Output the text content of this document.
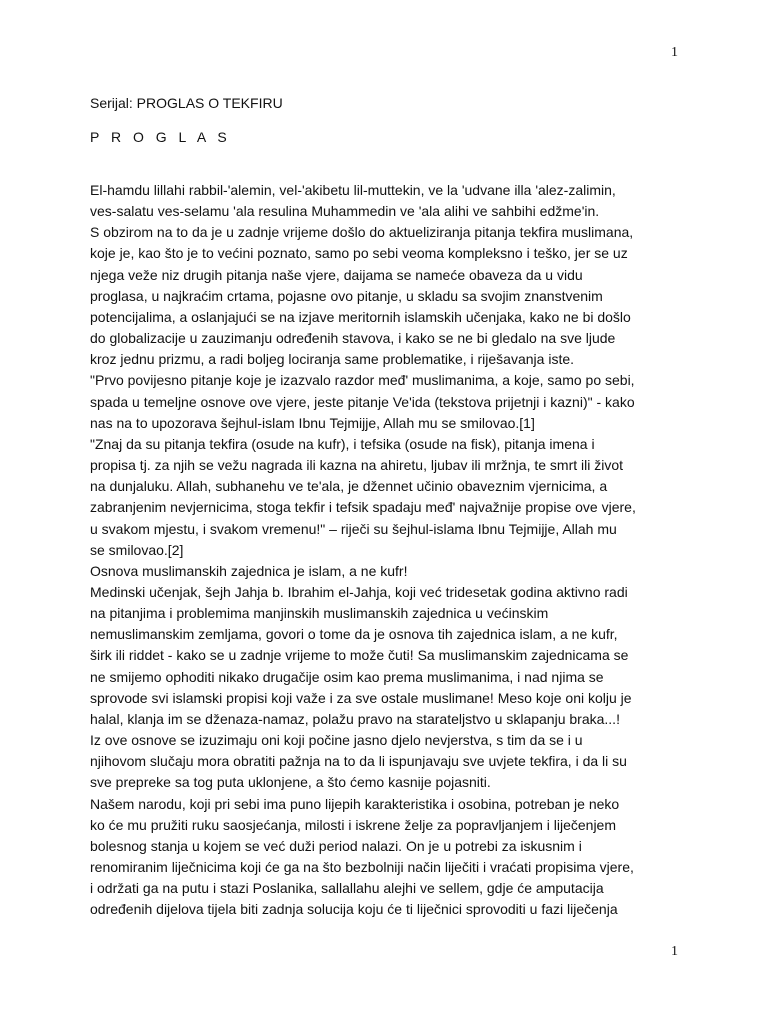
1
Serijal: PROGLAS O TEKFIRU
P R O G L A S
El-hamdu lillahi rabbil-'alemin, vel-'akibetu lil-muttekin, ve la 'udvane illa 'alez-zalimin,
ves-salatu ves-selamu 'ala resulina Muhammedin ve 'ala alihi ve sahbihi edžme'in.
S obzirom na to da je u zadnje vrijeme došlo do aktueliziranja pitanja tekfira muslimana,
koje je, kao što je to većini poznato, samo po sebi veoma kompleksno i teško, jer se uz
njega veže niz drugih pitanja naše vjere, daijama se nameće obaveza da u vidu
proglasa, u najkraćim crtama, pojasne ovo pitanje, u skladu sa svojim znanstvenim
potencijalima, a oslanjajući se na izjave meritornih islamskih učenjaka, kako ne bi došlo
do globalizacije u zauzimanju određenih stavova, i kako se ne bi gledalo na sve ljude
kroz jednu prizmu, a radi boljeg lociranja same problematike, i riješavanja iste.
"Prvo povijesno pitanje koje je izazvalo razdor međ' muslimanima, a koje, samo po sebi,
spada u temeljne osnove ove vjere, jeste pitanje Ve'ida (tekstova prijetnji i kazni)" - kako
nas na to upozorava šejhul-islam Ibnu Tejmijje, Allah mu se smilovao.[1]
"Znaj da su pitanja tekfira (osude na kufr), i tefsika (osude na fisk), pitanja imena i
propisa tj. za njih se vežu nagrada ili kazna na ahiretu, ljubav ili mržnja, te smrt ili život
na dunjaluku. Allah, subhanehu ve te'ala, je džennet učinio obaveznim vjernicima, a
zabranjenim nevjernicima, stoga tekfir i tefsik spadaju međ' najvažnije propise ove vjere,
u svakom mjestu, i svakom vremenu!" – riječi su šejhul-islama Ibnu Tejmijje, Allah mu
se smilovao.[2]
Osnova muslimanskih zajednica je islam, a ne kufr!
Medinski učenjak, šejh Jahja b. Ibrahim el-Jahja, koji već tridesetak godina aktivno radi
na pitanjima i problemima manjinskih muslimanskih zajednica u većinskim
nemuslimanskim zemljama, govori o tome da je osnova tih zajednica islam, a ne kufr,
širk ili riddet - kako se u zadnje vrijeme to može čuti! Sa muslimanskim zajednicama se
ne smijemo ophoditi nikako drugačije osim kao prema muslimanima, i nad njima se
sprovode svi islamski propisi koji važe i za sve ostale muslimane! Meso koje oni kolju je
halal, klanja im se dženaza-namaz, polažu pravo na starateljstvo u sklapanju braka...!
Iz ove osnove se izuzimaju oni koji počine jasno djelo nevjerstva, s tim da se i u
njihovom slučaju mora obratiti pažnja na to da li ispunjavaju sve uvjete tekfira, i da li su
sve prepreke sa tog puta uklonjene, a što ćemo kasnije pojasniti.
Našem narodu, koji pri sebi ima puno lijepih karakteristika i osobina, potreban je neko
ko će mu pružiti ruku saosjećanja, milosti i iskrene želje za popravljanjem i liječenjem
bolesnog stanja u kojem se već duži period nalazi. On je u potrebi za iskusnim i
renomiranim liječnicima koji će ga na što bezbolniji način liječiti i vraćati propisima vjere,
i održati ga na putu i stazi Poslanika, sallallahu alejhi ve sellem, gdje će amputacija
određenih dijelova tijela biti zadnja solucija koju će ti liječnici sprovoditi u fazi liječenja
1
